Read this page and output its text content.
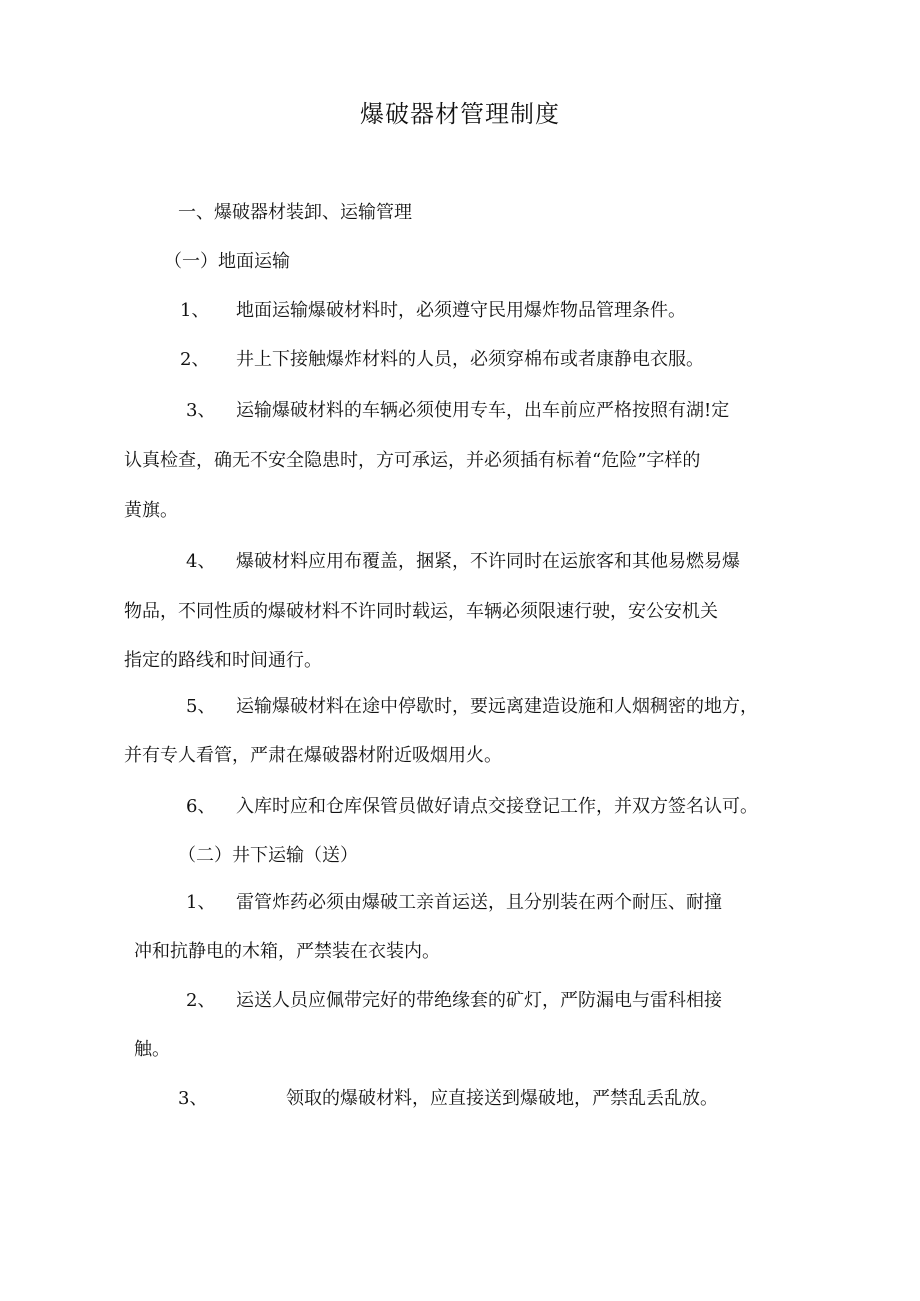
爆破器材管理制度
一、爆破器材装卸、运输管理
（一）地面运输
1、 地面运输爆破材料时，必须遵守民用爆炸物品管理条件。
2、 井上下接触爆炸材料的人员，必须穿棉布或者康静电衣服。
3、 运输爆破材料的车辆必须使用专车，出车前应严格按照有湖!定
认真检查，确无不安全隐患时，方可承运，并必须插有标着“危险”字样的
黄旗。
4、 爆破材料应用布覆盖，捆紧，不许同时在运旅客和其他易燃易爆
物品，不同性质的爆破材料不许同时载运，车辆必须限速行驶，安公安机关
指定的路线和时间通行。
5、 运输爆破材料在途中停歇时，要远离建造设施和人烟稠密的地方，
并有专人看管，严肃在爆破器材附近吸烟用火。
6、 入库时应和仓库保管员做好请点交接登记工作，并双方签名认可。
（二）井下运输（送）
1、 雷管炸药必须由爆破工亲首运送，且分别装在两个耐压、耐撞
冲和抗静电的木箱，严禁装在衣装内。
2、 运送人员应佩带完好的带绝缘套的矿灯，严防漏电与雷科相接
触。
3、	领取的爆破材料，应直接送到爆破地，严禁乱丢乱放。
